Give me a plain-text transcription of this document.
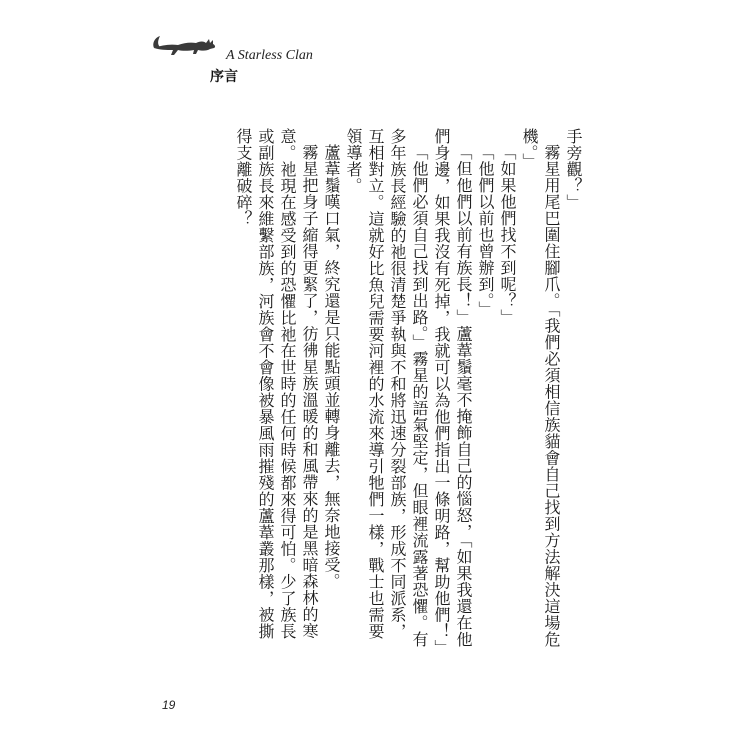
A Starless Clan
序言

手旁觀？」

霧星用尾巴圍住腳爪。「我們必須相信族貓會自己找到方法解決這場危機。」

「如果他們找不到呢？」

「他們以前也曾辦到。」

「但他們以前有族長！」蘆葦鬚毫不掩飾自己的惱怒，「如果我還在他們身邊，如果我沒有死掉，我就可以為他們指出一條明路，幫助他們！」

「他們必須自己找到出路。」霧星的語氣堅定，但眼裡流露著恐懼。有多年族長經驗的祂很清楚爭執與不和將迅速分裂部族，形成不同派系，互相對立。這就好比魚兒需要河裡的水流來導引牠們一樣，戰士也需要領導者。

蘆葦鬚嘆口氣，終究還是只能點頭並轉身離去，無奈地接受。

霧星把身子縮得更緊了，彷彿星族溫暖的和風帶來的是黑暗森林的寒意。祂現在感受到的恐懼比祂在世時的任何時候都來得可怕。少了族長或副族長來維繫部族，河族會不會像被暴風雨摧殘的蘆葦叢那樣，被撕得支離破碎？

19
